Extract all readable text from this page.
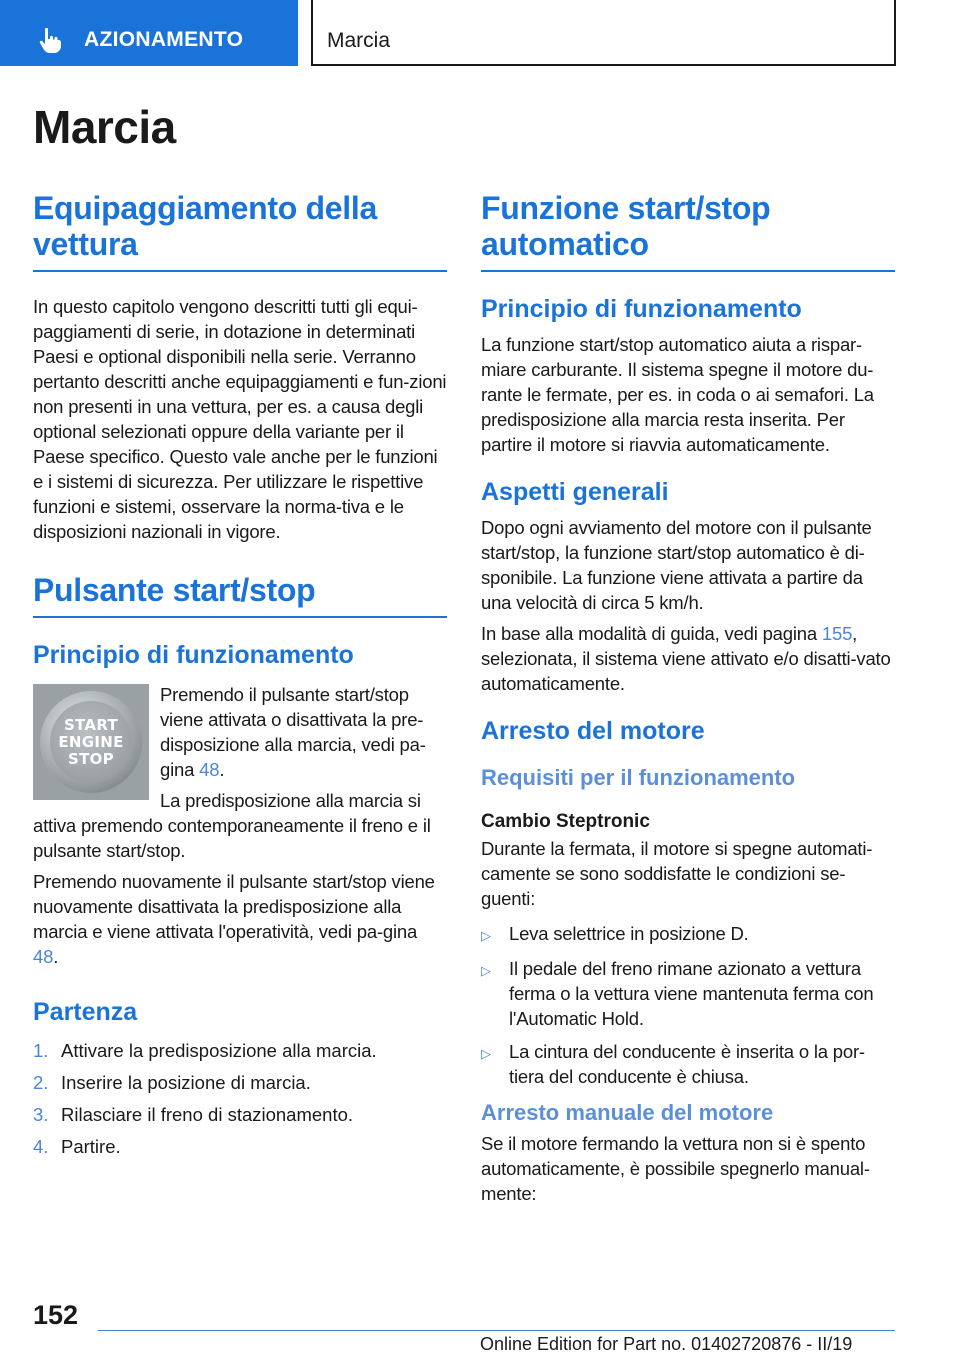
AZIONAMENTO	Marcia
Marcia
Equipaggiamento della vettura
In questo capitolo vengono descritti tutti gli equi-paggiamenti di serie, in dotazione in determinati Paesi e optional disponibili nella serie. Verranno pertanto descritti anche equipaggiamenti e fun-zioni non presenti in una vettura, per es. a causa degli optional selezionati oppure della variante per il Paese specifico. Questo vale anche per le funzioni e i sistemi di sicurezza. Per utilizzare le rispettive funzioni e sistemi, osservare la norma-tiva e le disposizioni nazionali in vigore.
Pulsante start/stop
Principio di funzionamento
START
ENGINE
STOP
Premendo il pulsante start/stop viene attivata o disattivata la pre-disposizione alla marcia, vedi pa-gina 48.
La predisposizione alla marcia si attiva premendo contemporaneamente il freno e il pulsante start/stop.
Premendo nuovamente il pulsante start/stop viene nuovamente disattivata la predisposizione alla marcia e viene attivata l'operatività, vedi pa-gina 48.
Partenza
1. Attivare la predisposizione alla marcia.
2. Inserire la posizione di marcia.
3. Rilasciare il freno di stazionamento.
4. Partire.
Funzione start/stop automatico
Principio di funzionamento
La funzione start/stop automatico aiuta a rispar-miare carburante. Il sistema spegne il motore du-rante le fermate, per es. in coda o ai semafori. La predisposizione alla marcia resta inserita. Per partire il motore si riavvia automaticamente.
Aspetti generali
Dopo ogni avviamento del motore con il pulsante start/stop, la funzione start/stop automatico è di-sponibile. La funzione viene attivata a partire da una velocità di circa 5 km/h.
In base alla modalità di guida, vedi pagina 155, selezionata, il sistema viene attivato e/o disatti-vato automaticamente.
Arresto del motore
Requisiti per il funzionamento
Cambio Steptronic
Durante la fermata, il motore si spegne automati-camente se sono soddisfatte le condizioni se-guenti:
▷ Leva selettrice in posizione D.
▷ Il pedale del freno rimane azionato a vettura ferma o la vettura viene mantenuta ferma con l'Automatic Hold.
▷ La cintura del conducente è inserita o la por-tiera del conducente è chiusa.
Arresto manuale del motore
Se il motore fermando la vettura non si è spento automaticamente, è possibile spegnerlo manual-mente:
152
Online Edition for Part no. 01402720876 - II/19
